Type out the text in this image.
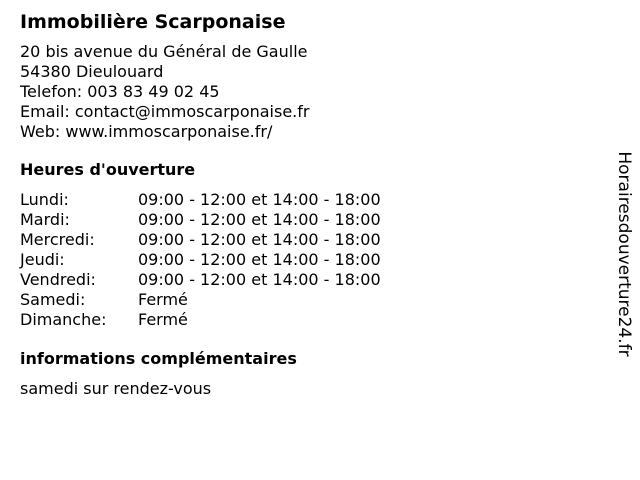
Immobilière Scarponaise
20 bis avenue du Général de Gaulle
54380 Dieulouard
Telefon: 003 83 49 02 45
Email: contact@immoscarponaise.fr
Web: www.immoscarponaise.fr/
Heures d'ouverture
Lundi:	09:00 - 12:00 et 14:00 - 18:00
Mardi:	09:00 - 12:00 et 14:00 - 18:00
Mercredi:	09:00 - 12:00 et 14:00 - 18:00
Jeudi:	09:00 - 12:00 et 14:00 - 18:00
Vendredi:	09:00 - 12:00 et 14:00 - 18:00
Samedi:	Fermé
Dimanche:	Fermé
informations complémentaires
samedi sur rendez-vous
Horairesdouverture24.fr
